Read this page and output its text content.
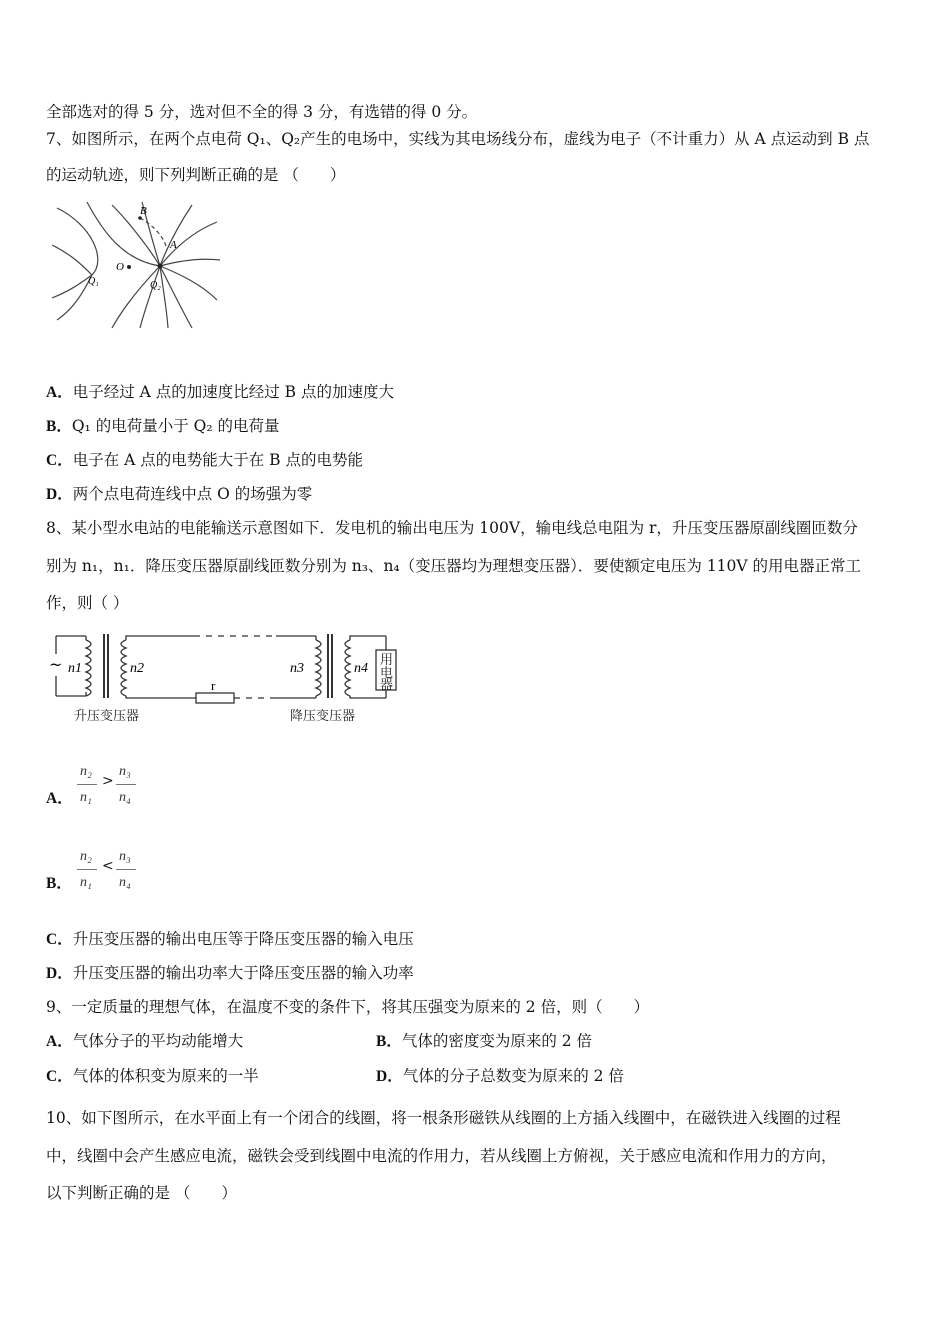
全部选对的得 5 分，选对但不全的得 3 分，有选错的得 0 分。
7、如图所示，在两个点电荷 Q₁、Q₂产生的电场中，实线为其电场线分布，虚线为电子（不计重力）从 A 点运动到 B 点
的运动轨迹，则下列判断正确的是 （　　）
B
A
O
Q₁	Q₂
A．电子经过 A 点的加速度比经过 B 点的加速度大
B．Q₁ 的电荷量小于 Q₂ 的电荷量
C．电子在 A 点的电势能大于在 B 点的电势能
D．两个点电荷连线中点 O 的场强为零
8、某小型水电站的电能输送示意图如下．发电机的输出电压为 100V，输电线总电阻为 r，升压变压器原副线圈匝数分
别为 n₁，n₁．降压变压器原副线匝数分别为 n₃、n₄（变压器均为理想变压器）．要使额定电压为 110V 的用电器正常工
作，则（ ）
~ n1	n2	n3	n4
r
用
电
器
升压变压器	降压变压器
A．
n₂
n₁
>
n₃
n₄
B．
n₂
n₁
<
n₃
n₄
C．升压变压器的输出电压等于降压变压器的输入电压
D．升压变压器的输出功率大于降压变压器的输入功率
9、一定质量的理想气体，在温度不变的条件下，将其压强变为原来的 2 倍，则（　　）
A．气体分子的平均动能增大	B．气体的密度变为原来的 2 倍
C．气体的体积变为原来的一半	D．气体的分子总数变为原来的 2 倍
10、如下图所示，在水平面上有一个闭合的线圈，将一根条形磁铁从线圈的上方插入线圈中，在磁铁进入线圈的过程
中，线圈中会产生感应电流，磁铁会受到线圈中电流的作用力，若从线圈上方俯视，关于感应电流和作用力的方向，
以下判断正确的是 （　　）
